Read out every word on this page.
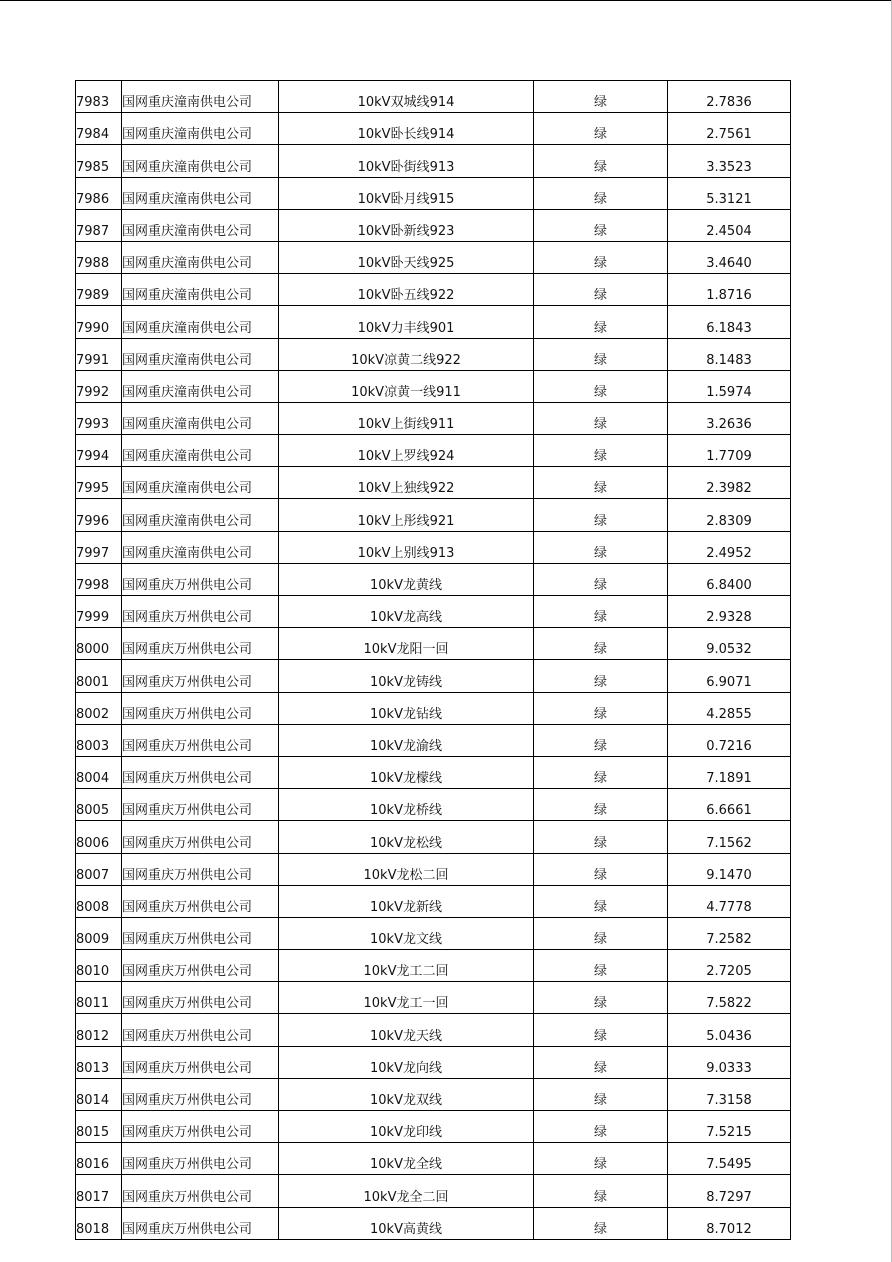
7983	国网重庆潼南供电公司	10kV双城线914	绿	2.7836
7984	国网重庆潼南供电公司	10kV卧长线914	绿	2.7561
7985	国网重庆潼南供电公司	10kV卧街线913	绿	3.3523
7986	国网重庆潼南供电公司	10kV卧月线915	绿	5.3121
7987	国网重庆潼南供电公司	10kV卧新线923	绿	2.4504
7988	国网重庆潼南供电公司	10kV卧天线925	绿	3.4640
7989	国网重庆潼南供电公司	10kV卧五线922	绿	1.8716
7990	国网重庆潼南供电公司	10kV力丰线901	绿	6.1843
7991	国网重庆潼南供电公司	10kV凉黄二线922	绿	8.1483
7992	国网重庆潼南供电公司	10kV凉黄一线911	绿	1.5974
7993	国网重庆潼南供电公司	10kV上街线911	绿	3.2636
7994	国网重庆潼南供电公司	10kV上罗线924	绿	1.7709
7995	国网重庆潼南供电公司	10kV上独线922	绿	2.3982
7996	国网重庆潼南供电公司	10kV上彤线921	绿	2.8309
7997	国网重庆潼南供电公司	10kV上别线913	绿	2.4952
7998	国网重庆万州供电公司	10kV龙黄线	绿	6.8400
7999	国网重庆万州供电公司	10kV龙高线	绿	2.9328
8000	国网重庆万州供电公司	10kV龙阳一回	绿	9.0532
8001	国网重庆万州供电公司	10kV龙铸线	绿	6.9071
8002	国网重庆万州供电公司	10kV龙钻线	绿	4.2855
8003	国网重庆万州供电公司	10kV龙渝线	绿	0.7216
8004	国网重庆万州供电公司	10kV龙檬线	绿	7.1891
8005	国网重庆万州供电公司	10kV龙桥线	绿	6.6661
8006	国网重庆万州供电公司	10kV龙松线	绿	7.1562
8007	国网重庆万州供电公司	10kV龙松二回	绿	9.1470
8008	国网重庆万州供电公司	10kV龙新线	绿	4.7778
8009	国网重庆万州供电公司	10kV龙文线	绿	7.2582
8010	国网重庆万州供电公司	10kV龙工二回	绿	2.7205
8011	国网重庆万州供电公司	10kV龙工一回	绿	7.5822
8012	国网重庆万州供电公司	10kV龙天线	绿	5.0436
8013	国网重庆万州供电公司	10kV龙向线	绿	9.0333
8014	国网重庆万州供电公司	10kV龙双线	绿	7.3158
8015	国网重庆万州供电公司	10kV龙印线	绿	7.5215
8016	国网重庆万州供电公司	10kV龙全线	绿	7.5495
8017	国网重庆万州供电公司	10kV龙全二回	绿	8.7297
8018	国网重庆万州供电公司	10kV高黄线	绿	8.7012
